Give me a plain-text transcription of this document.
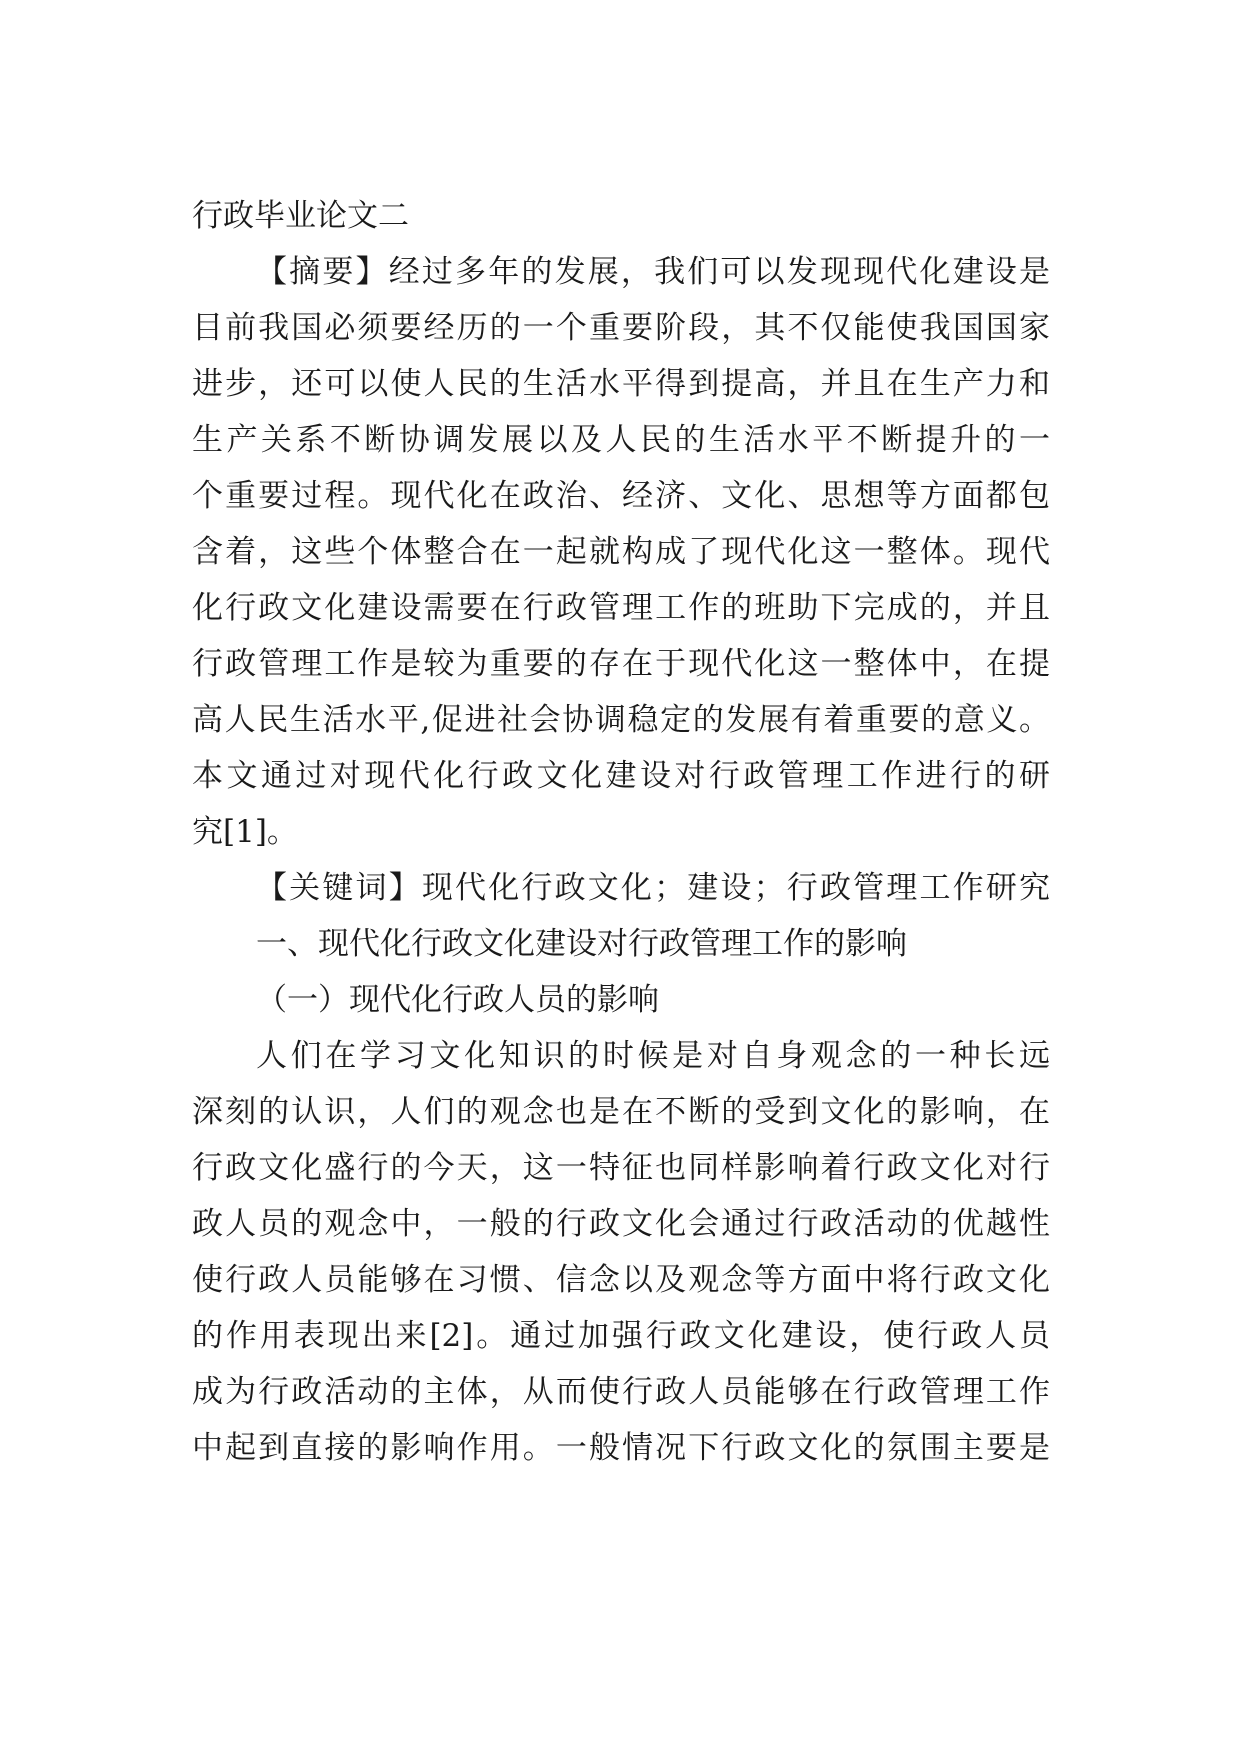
行政毕业论文二
【摘要】经过多年的发展，我们可以发现现代化建设是
目前我国必须要经历的一个重要阶段，其不仅能使我国国家
进步，还可以使人民的生活水平得到提高，并且在生产力和
生产关系不断协调发展以及人民的生活水平不断提升的一
个重要过程。现代化在政治、经济、文化、思想等方面都包
含着，这些个体整合在一起就构成了现代化这一整体。现代
化行政文化建设需要在行政管理工作的班助下完成的，并且
行政管理工作是较为重要的存在于现代化这一整体中，在提
高人民生活水平,促进社会协调稳定的发展有着重要的意义。
本文通过对现代化行政文化建设对行政管理工作进行的研
究[1]。
【关键词】现代化行政文化；建设；行政管理工作研究
一、现代化行政文化建设对行政管理工作的影响
（一）现代化行政人员的影响
人们在学习文化知识的时候是对自身观念的一种长远
深刻的认识，人们的观念也是在不断的受到文化的影响，在
行政文化盛行的今天，这一特征也同样影响着行政文化对行
政人员的观念中，一般的行政文化会通过行政活动的优越性
使行政人员能够在习惯、信念以及观念等方面中将行政文化
的作用表现出来[2]。通过加强行政文化建设，使行政人员
成为行政活动的主体，从而使行政人员能够在行政管理工作
中起到直接的影响作用。一般情况下行政文化的氛围主要是
